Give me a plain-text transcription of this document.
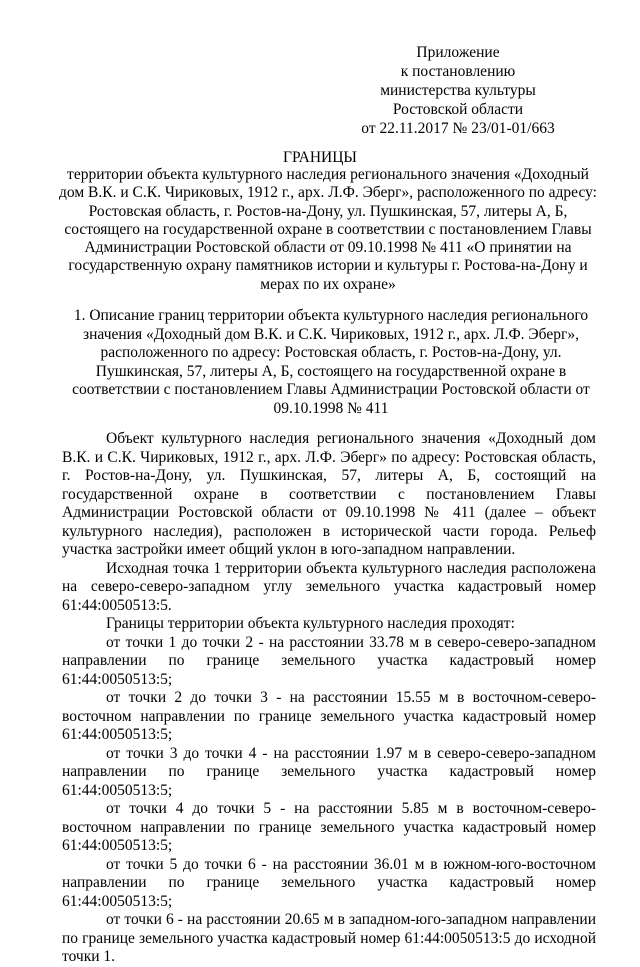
Приложение
к постановлению
министерства культуры
Ростовской области
от 22.11.2017 № 23/01-01/663
ГРАНИЦЫ
территории объекта культурного наследия регионального значения «Доходный дом В.К. и С.К. Чириковых, 1912 г., арх. Л.Ф. Эберг», расположенного по адресу: Ростовская область, г. Ростов-на-Дону, ул. Пушкинская, 57, литеры А, Б, состоящего на государственной охране в соответствии с постановлением Главы Администрации Ростовской области от 09.10.1998 № 411 «О принятии на государственную охрану памятников истории и культуры г. Ростова-на-Дону и мерах по их охране»
1. Описание границ территории объекта культурного наследия регионального значения «Доходный дом В.К. и С.К. Чириковых, 1912 г., арх. Л.Ф. Эберг», расположенного по адресу: Ростовская область, г. Ростов-на-Дону, ул. Пушкинская, 57, литеры А, Б, состоящего на государственной охране в соответствии с постановлением Главы Администрации Ростовской области от 09.10.1998 № 411

Объект культурного наследия регионального значения «Доходный дом В.К. и С.К. Чириковых, 1912 г., арх. Л.Ф. Эберг» по адресу: Ростовская область, г. Ростов-на-Дону, ул. Пушкинская, 57, литеры А, Б, состоящий на государственной охране в соответствии с постановлением Главы Администрации Ростовской области от 09.10.1998 № 411 (далее – объект культурного наследия), расположен в исторической части города. Рельеф участка застройки имеет общий уклон в юго-западном направлении.

Исходная точка 1 территории объекта культурного наследия расположена на северо-северо-западном углу земельного участка кадастровый номер 61:44:0050513:5.

Границы территории объекта культурного наследия проходят:

от точки 1 до точки 2 - на расстоянии 33.78 м в северо-северо-западном направлении по границе земельного участка кадастровый номер 61:44:0050513:5;

от точки 2 до точки 3 - на расстоянии 15.55 м в восточном-северо-восточном направлении по границе земельного участка кадастровый номер 61:44:0050513:5;

от точки 3 до точки 4 - на расстоянии 1.97 м в северо-северо-западном направлении по границе земельного участка кадастровый номер 61:44:0050513:5;

от точки 4 до точки 5 - на расстоянии 5.85 м в восточном-северо-восточном направлении по границе земельного участка кадастровый номер 61:44:0050513:5;

от точки 5 до точки 6 - на расстоянии 36.01 м в южном-юго-восточном направлении по границе земельного участка кадастровый номер 61:44:0050513:5;

от точки 6 - на расстоянии 20.65 м в западном-юго-западном направлении по границе земельного участка кадастровый номер 61:44:0050513:5 до исходной точки 1.
